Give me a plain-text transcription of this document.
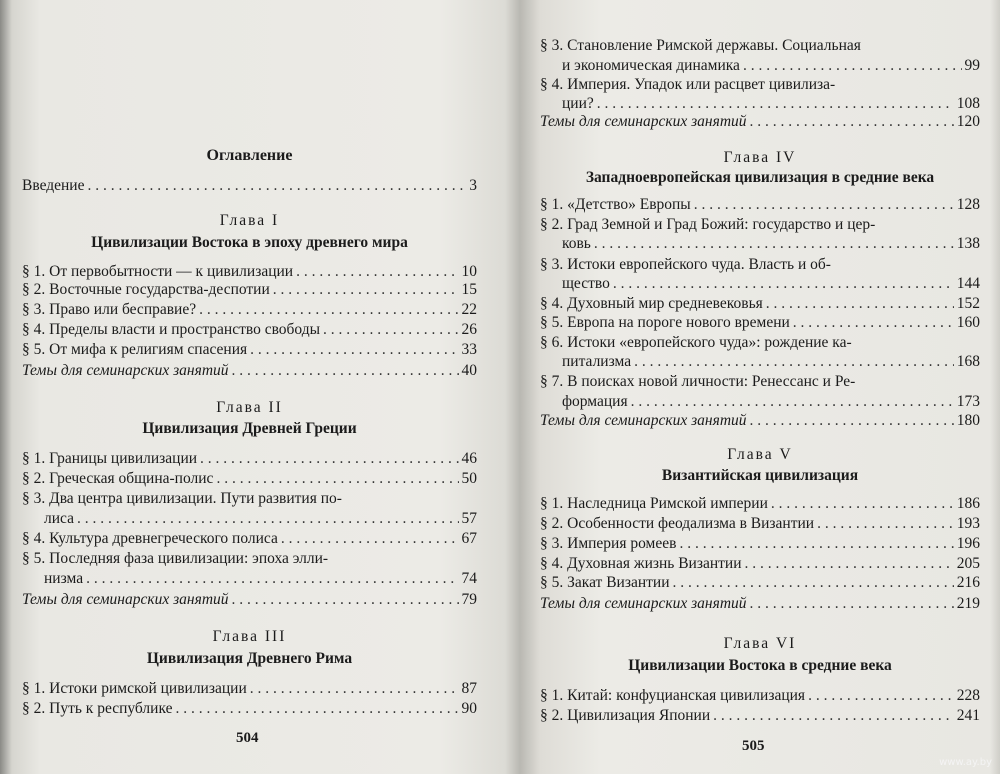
Оглавление
Введение . . .	3
Глава I
Цивилизации Востока в эпоху древнего мира
§ 1. От первобытности — к цивилизации . . .	10
§ 2. Восточные государства-деспотии . . .	15
§ 3. Право или бесправие? . . .	22
§ 4. Пределы власти и пространство свободы . . .	26
§ 5. От мифа к религиям спасения . . .	33
Темы для семинарских занятий . . .	40
Глава II
Цивилизация Древней Греции
§ 1. Границы цивилизации . . .	46
§ 2. Греческая община-полис . . .	50
§ 3. Два центра цивилизации. Пути развития по-
лиса . . .	57
§ 4. Культура древнегреческого полиса . . .	67
§ 5. Последняя фаза цивилизации: эпоха элли-
низма . . .	74
Темы для семинарских занятий . . .	79
Глава III
Цивилизация Древнего Рима
§ 1. Истоки римской цивилизации . . .	87
§ 2. Путь к республике . . .	90
504
§ 3. Становление Римской державы. Социальная
и экономическая динамика . . .	99
§ 4. Империя. Упадок или расцвет цивилиза-
ции? . . .	108
Темы для семинарских занятий . . .	120
Глава IV
Западноевропейская цивилизация в средние века
§ 1. «Детство» Европы . . .	128
§ 2. Град Земной и Град Божий: государство и цер-
ковь . . .	138
§ 3. Истоки европейского чуда. Власть и об-
щество . . .	144
§ 4. Духовный мир средневековья . . .	152
§ 5. Европа на пороге нового времени . . .	160
§ 6. Истоки «европейского чуда»: рождение ка-
питализма . . .	168
§ 7. В поисках новой личности: Ренессанс и Ре-
формация . . .	173
Темы для семинарских занятий . . .	180
Глава V
Византийская цивилизация
§ 1. Наследница Римской империи . . .	186
§ 2. Особенности феодализма в Византии . . .	193
§ 3. Империя ромеев . . .	196
§ 4. Духовная жизнь Византии . . .	205
§ 5. Закат Византии . . .	216
Темы для семинарских занятий . . .	219
Глава VI
Цивилизации Востока в средние века
§ 1. Китай: конфуцианская цивилизация . . .	228
§ 2. Цивилизация Японии . . .	241
505
www.ay.by
